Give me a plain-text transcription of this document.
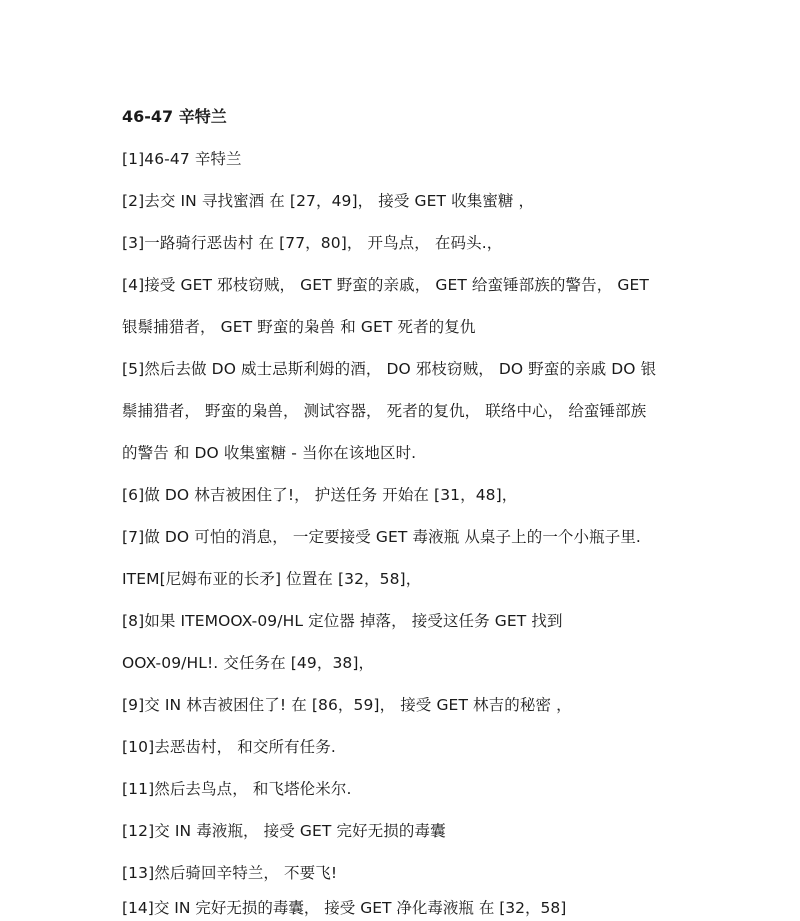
46-47 辛特兰
[1]46-47 辛特兰
[2]去交 IN 寻找蜜酒 在 [27，49]， 接受 GET 收集蜜糖 ，
[3]一路骑行恶齿村 在 [77，80]， 开鸟点， 在码头.，
[4]接受 GET 邪枝窃贼， GET 野蛮的亲戚， GET 给蛮锤部族的警告， GET
银鬃捕猎者， GET 野蛮的枭兽 和 GET 死者的复仇
[5]然后去做 DO 威士忌斯利姆的酒， DO 邪枝窃贼， DO 野蛮的亲戚 DO 银
鬃捕猎者， 野蛮的枭兽， 测试容器， 死者的复仇， 联络中心， 给蛮锤部族
的警告 和 DO 收集蜜糖 - 当你在该地区时.
[6]做 DO 林吉被困住了!， 护送任务 开始在 [31，48]，
[7]做 DO 可怕的消息， 一定要接受 GET 毒液瓶 从桌子上的一个小瓶子里.
ITEM[尼姆布亚的长矛] 位置在 [32，58]，
[8]如果 ITEMOOX-09/HL 定位器 掉落， 接受这任务 GET 找到
OOX-09/HL!. 交任务在 [49，38]，
[9]交 IN 林吉被困住了! 在 [86，59]， 接受 GET 林吉的秘密 ，
[10]去恶齿村， 和交所有任务.
[11]然后去鸟点， 和飞塔伦米尔.
[12]交 IN 毒液瓶， 接受 GET 完好无损的毒囊
[13]然后骑回辛特兰， 不要飞!
[14]交 IN 完好无损的毒囊， 接受 GET 净化毒液瓶 在 [32，58]
